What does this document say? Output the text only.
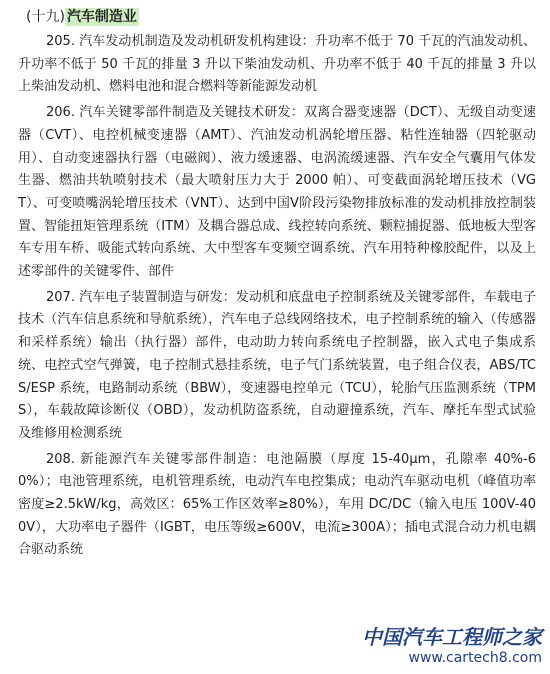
(十九) 汽车制造业

205. 汽车发动机制造及发动机研发机构建设：升功率不低于 70 千瓦的汽油发动机、升功率不低于 50 千瓦的排量 3 升以下柴油发动机、升功率不低于 40 千瓦的排量 3 升以上柴油发动机、燃料电池和混合燃料等新能源发动机

206. 汽车关键零部件制造及关键技术研发：双离合器变速器（DCT）、无级自动变速器（CVT）、电控机械变速器（AMT）、汽油发动机涡轮增压器、粘性连轴器（四轮驱动用）、自动变速器执行器（电磁阀）、液力缓速器、电涡流缓速器、汽车安全气囊用气体发生器、燃油共轨喷射技术（最大喷射压力大于 2000 帕）、可变截面涡轮增压技术（VGT）、可变喷嘴涡轮增压技术（VNT）、达到中国Ⅴ阶段污染物排放标准的发动机排放控制装置、智能扭矩管理系统（ITM）及耦合器总成、线控转向系统、颗粒捕捉器、低地板大型客车专用车桥、吸能式转向系统、大中型客车变频空调系统、汽车用特种橡胶配件，以及上述零部件的关键零件、部件

207. 汽车电子装置制造与研发：发动机和底盘电子控制系统及关键零部件，车载电子技术（汽车信息系统和导航系统），汽车电子总线网络技术，电子控制系统的输入（传感器和采样系统）输出（执行器）部件，电动助力转向系统电子控制器，嵌入式电子集成系统、电控式空气弹簧，电子控制式悬挂系统，电子气门系统装置，电子组合仪表，ABS/TCS/ESP 系统，电路制动系统（BBW），变速器电控单元（TCU），轮胎气压监测系统（TPMS），车载故障诊断仪（OBD），发动机防盗系统，自动避撞系统，汽车、摩托车型式试验及维修用检测系统

208. 新能源汽车关键零部件制造：电池隔膜（厚度 15-40μm，孔隙率 40%-60%）；电池管理系统，电机管理系统，电动汽车电控集成；电动汽车驱动电机（峰值功率密度≥2.5kW/kg，高效区：65%工作区效率≥80%），车用 DC/DC（输入电压 100V-400V），大功率电子器件（IGBT，电压等级≥600V，电流≥300A）；插电式混合动力机电耦合驱动系统

中国汽车工程师之家
www.cartech8.com
